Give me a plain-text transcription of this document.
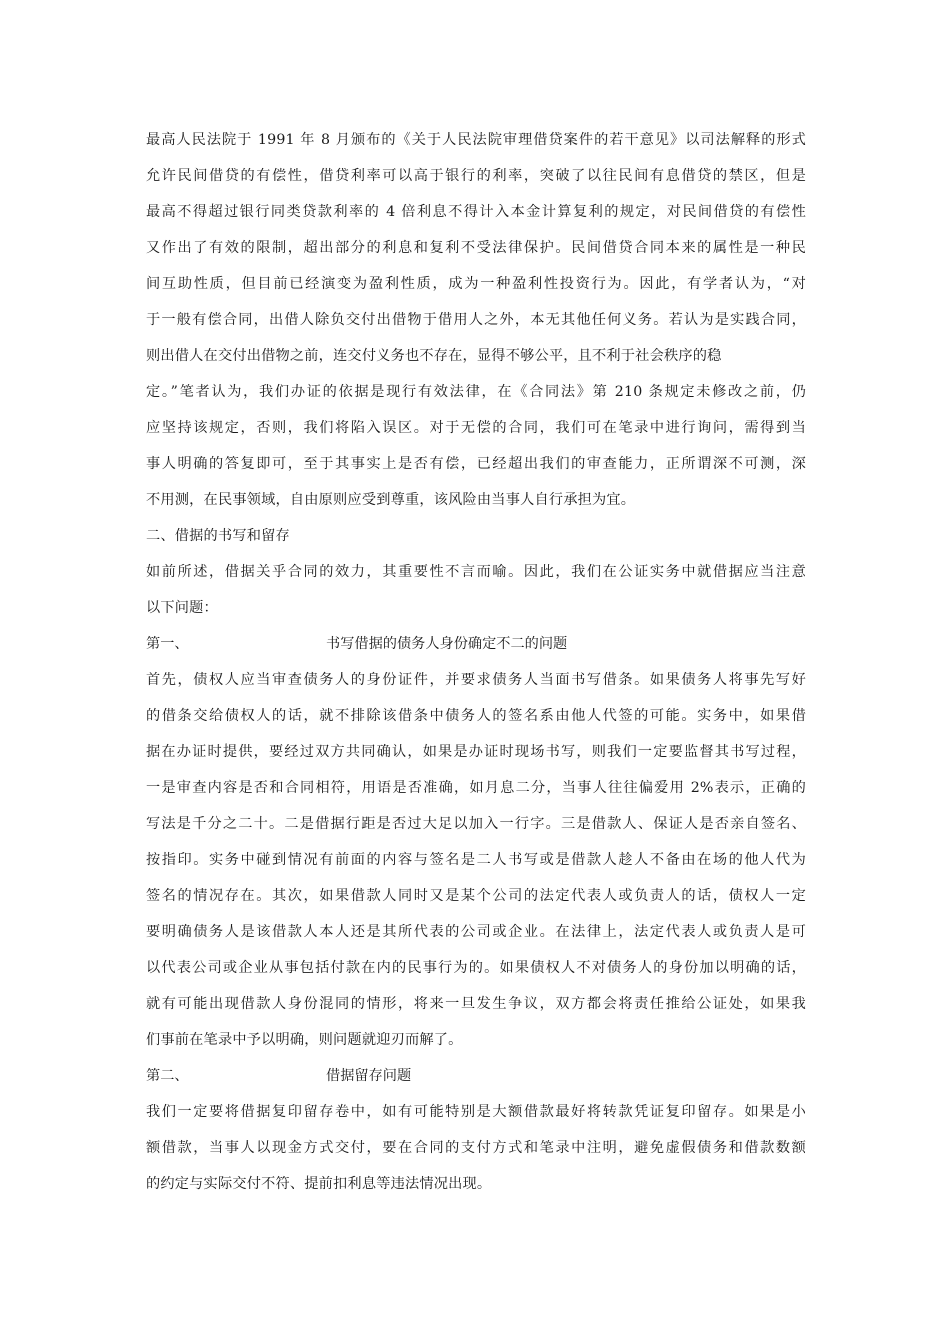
最高人民法院于 1991 年 8 月颁布的《关于人民法院审理借贷案件的若干意见》以司法解释的形式
允许民间借贷的有偿性，借贷利率可以高于银行的利率，突破了以往民间有息借贷的禁区，但是
最高不得超过银行同类贷款利率的 4 倍利息不得计入本金计算复利的规定，对民间借贷的有偿性
又作出了有效的限制，超出部分的利息和复利不受法律保护。民间借贷合同本来的属性是一种民
间互助性质，但目前已经演变为盈利性质，成为一种盈利性投资行为。因此，有学者认为，“对
于一般有偿合同，出借人除负交付出借物于借用人之外，本无其他任何义务。若认为是实践合同，
则出借人在交付出借物之前，连交付义务也不存在，显得不够公平，且不利于社会秩序的稳
定。”笔者认为，我们办证的依据是现行有效法律，在《合同法》第 210 条规定未修改之前，仍
应坚持该规定，否则，我们将陷入误区。对于无偿的合同，我们可在笔录中进行询问，需得到当
事人明确的答复即可，至于其事实上是否有偿，已经超出我们的审查能力，正所谓深不可测，深
不用测，在民事领域，自由原则应受到尊重，该风险由当事人自行承担为宜。
二、借据的书写和留存
如前所述，借据关乎合同的效力，其重要性不言而喻。因此，我们在公证实务中就借据应当注意
以下问题：
第一、	书写借据的债务人身份确定不二的问题
首先，债权人应当审查债务人的身份证件，并要求债务人当面书写借条。如果债务人将事先写好
的借条交给债权人的话，就不排除该借条中债务人的签名系由他人代签的可能。实务中，如果借
据在办证时提供，要经过双方共同确认，如果是办证时现场书写，则我们一定要监督其书写过程，
一是审查内容是否和合同相符，用语是否准确，如月息二分，当事人往往偏爱用 2%表示，正确的
写法是千分之二十。二是借据行距是否过大足以加入一行字。三是借款人、保证人是否亲自签名、
按指印。实务中碰到情况有前面的内容与签名是二人书写或是借款人趁人不备由在场的他人代为
签名的情况存在。其次，如果借款人同时又是某个公司的法定代表人或负责人的话，债权人一定
要明确债务人是该借款人本人还是其所代表的公司或企业。在法律上，法定代表人或负责人是可
以代表公司或企业从事包括付款在内的民事行为的。如果债权人不对债务人的身份加以明确的话，
就有可能出现借款人身份混同的情形，将来一旦发生争议，双方都会将责任推给公证处，如果我
们事前在笔录中予以明确，则问题就迎刃而解了。
第二、	借据留存问题
我们一定要将借据复印留存卷中，如有可能特别是大额借款最好将转款凭证复印留存。如果是小
额借款，当事人以现金方式交付，要在合同的支付方式和笔录中注明，避免虚假债务和借款数额
的约定与实际交付不符、提前扣利息等违法情况出现。
